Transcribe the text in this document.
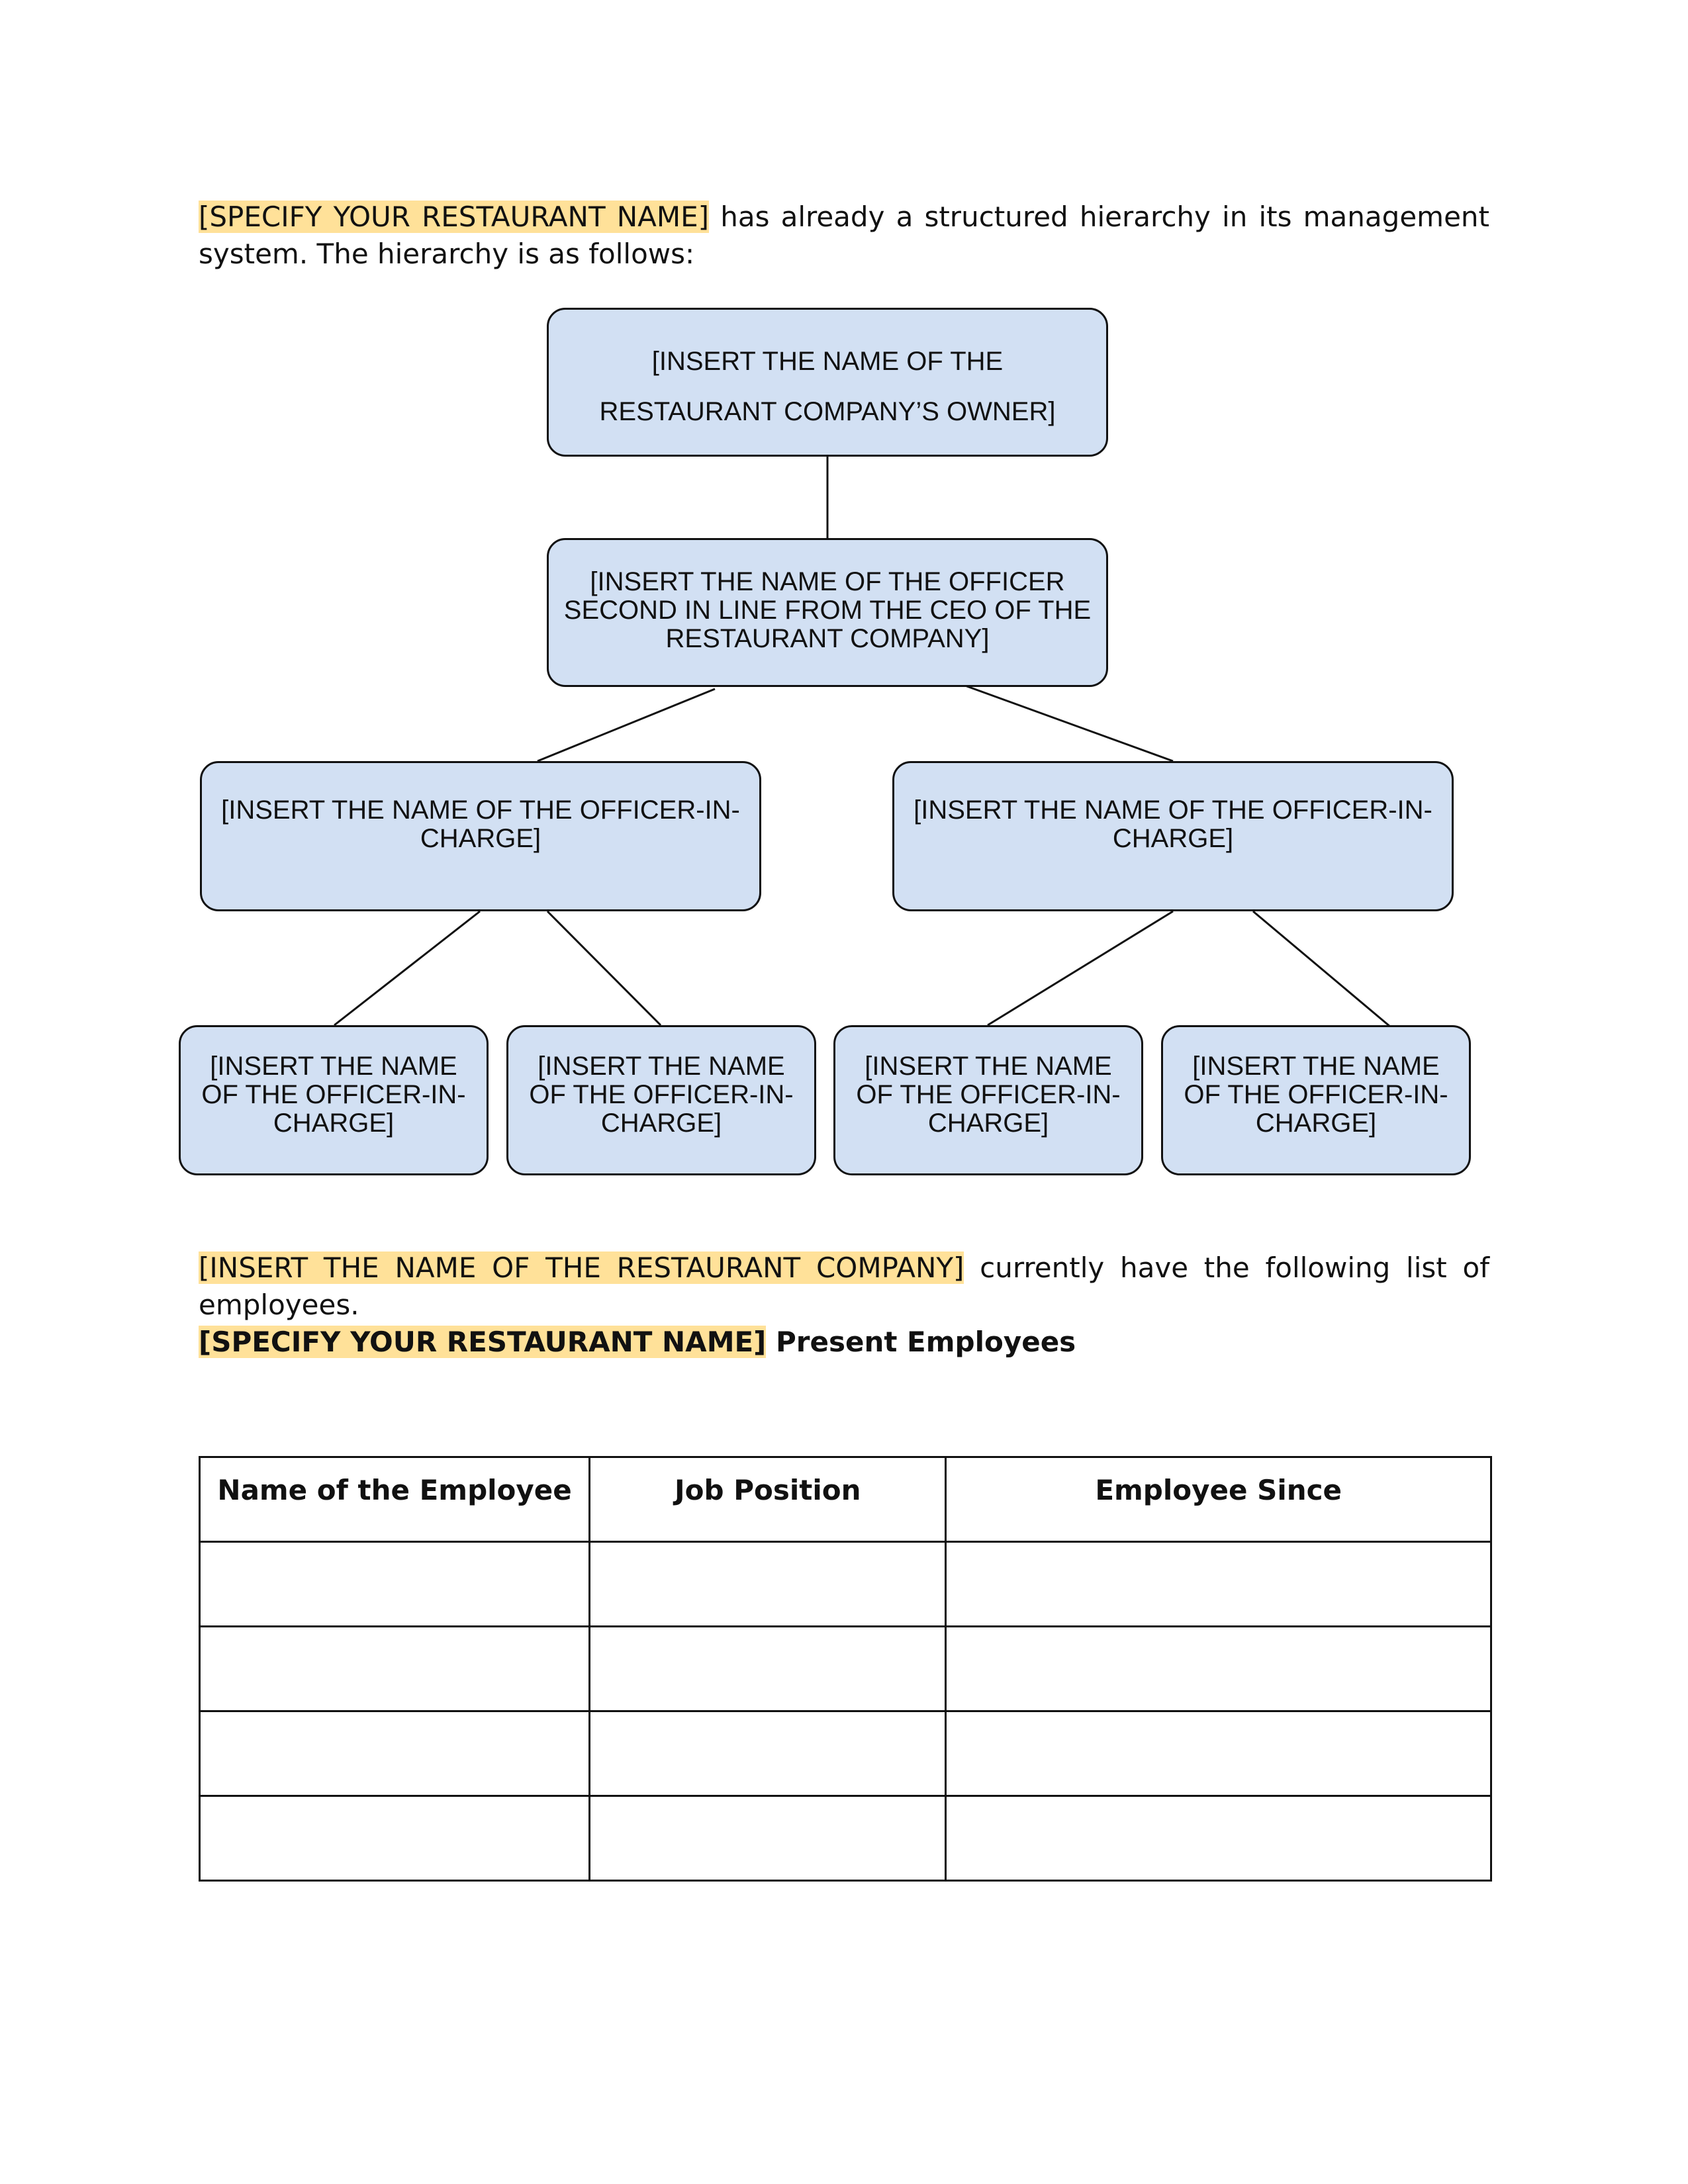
[SPECIFY YOUR RESTAURANT NAME] has already a structured hierarchy in its management system. The hierarchy is as follows:
[INSERT THE NAME OF THE
RESTAURANT COMPANY’S OWNER]
[INSERT THE NAME OF THE OFFICER
SECOND IN LINE FROM THE CEO OF THE
RESTAURANT COMPANY]
[INSERT THE NAME OF THE OFFICER-IN-
CHARGE]
[INSERT THE NAME OF THE OFFICER-IN-
CHARGE]
[INSERT THE NAME
OF THE OFFICER-IN-
CHARGE]
[INSERT THE NAME
OF THE OFFICER-IN-
CHARGE]
[INSERT THE NAME
OF THE OFFICER-IN-
CHARGE]
[INSERT THE NAME
OF THE OFFICER-IN-
CHARGE]
[INSERT THE NAME OF THE RESTAURANT COMPANY] currently have the following list of employees.
[SPECIFY YOUR RESTAURANT NAME] Present Employees
Name of the Employee	Job Position	Employee Since
